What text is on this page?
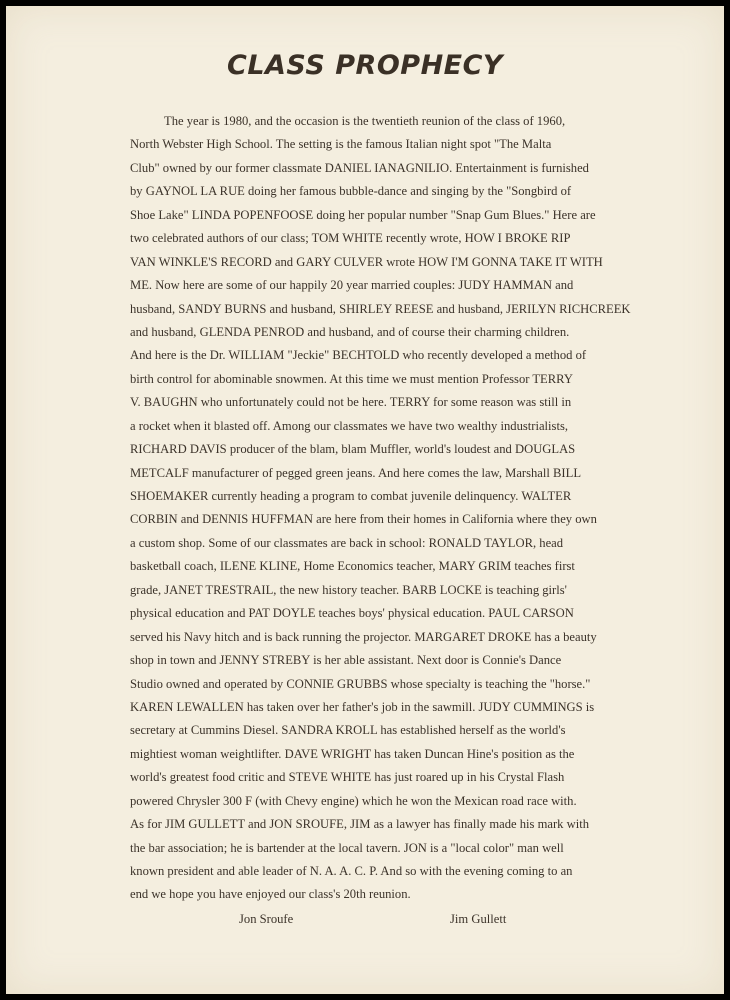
CLASS PROPHECY
The year is 1980, and the occasion is the twentieth reunion of the class of 1960,
North Webster High School. The setting is the famous Italian night spot "The Malta
Club" owned by our former classmate DANIEL IANAGNILIO. Entertainment is furnished
by GAYNOL LA RUE doing her famous bubble-dance and singing by the "Songbird of
Shoe Lake" LINDA POPENFOOSE doing her popular number "Snap Gum Blues." Here are
two celebrated authors of our class; TOM WHITE recently wrote, HOW I BROKE RIP
VAN WINKLE'S RECORD and GARY CULVER wrote HOW I'M GONNA TAKE IT WITH
ME. Now here are some of our happily 20 year married couples: JUDY HAMMAN and
husband, SANDY BURNS and husband, SHIRLEY REESE and husband, JERILYN RICHCREEK
and husband, GLENDA PENROD and husband, and of course their charming children.
And here is the Dr. WILLIAM "Jeckie" BECHTOLD who recently developed a method of
birth control for abominable snowmen. At this time we must mention Professor TERRY
V. BAUGHN who unfortunately could not be here. TERRY for some reason was still in
a rocket when it blasted off. Among our classmates we have two wealthy industrialists,
RICHARD DAVIS producer of the blam, blam Muffler, world's loudest and DOUGLAS
METCALF manufacturer of pegged green jeans. And here comes the law, Marshall BILL
SHOEMAKER currently heading a program to combat juvenile delinquency. WALTER
CORBIN and DENNIS HUFFMAN are here from their homes in California where they own
a custom shop. Some of our classmates are back in school: RONALD TAYLOR, head
basketball coach, ILENE KLINE, Home Economics teacher, MARY GRIM teaches first
grade, JANET TRESTRAIL, the new history teacher. BARB LOCKE is teaching girls'
physical education and PAT DOYLE teaches boys' physical education. PAUL CARSON
served his Navy hitch and is back running the projector. MARGARET DROKE has a beauty
shop in town and JENNY STREBY is her able assistant. Next door is Connie's Dance
Studio owned and operated by CONNIE GRUBBS whose specialty is teaching the "horse."
KAREN LEWALLEN has taken over her father's job in the sawmill. JUDY CUMMINGS is
secretary at Cummins Diesel. SANDRA KROLL has established herself as the world's
mightiest woman weightlifter. DAVE WRIGHT has taken Duncan Hine's position as the
world's greatest food critic and STEVE WHITE has just roared up in his Crystal Flash
powered Chrysler 300 F (with Chevy engine) which he won the Mexican road race with.
As for JIM GULLETT and JON SROUFE, JIM as a lawyer has finally made his mark with
the bar association; he is bartender at the local tavern. JON is a "local color" man well
known president and able leader of N. A. A. C. P. And so with the evening coming to an
end we hope you have enjoyed our class's 20th reunion.
Jon Sroufe	Jim Gullett
